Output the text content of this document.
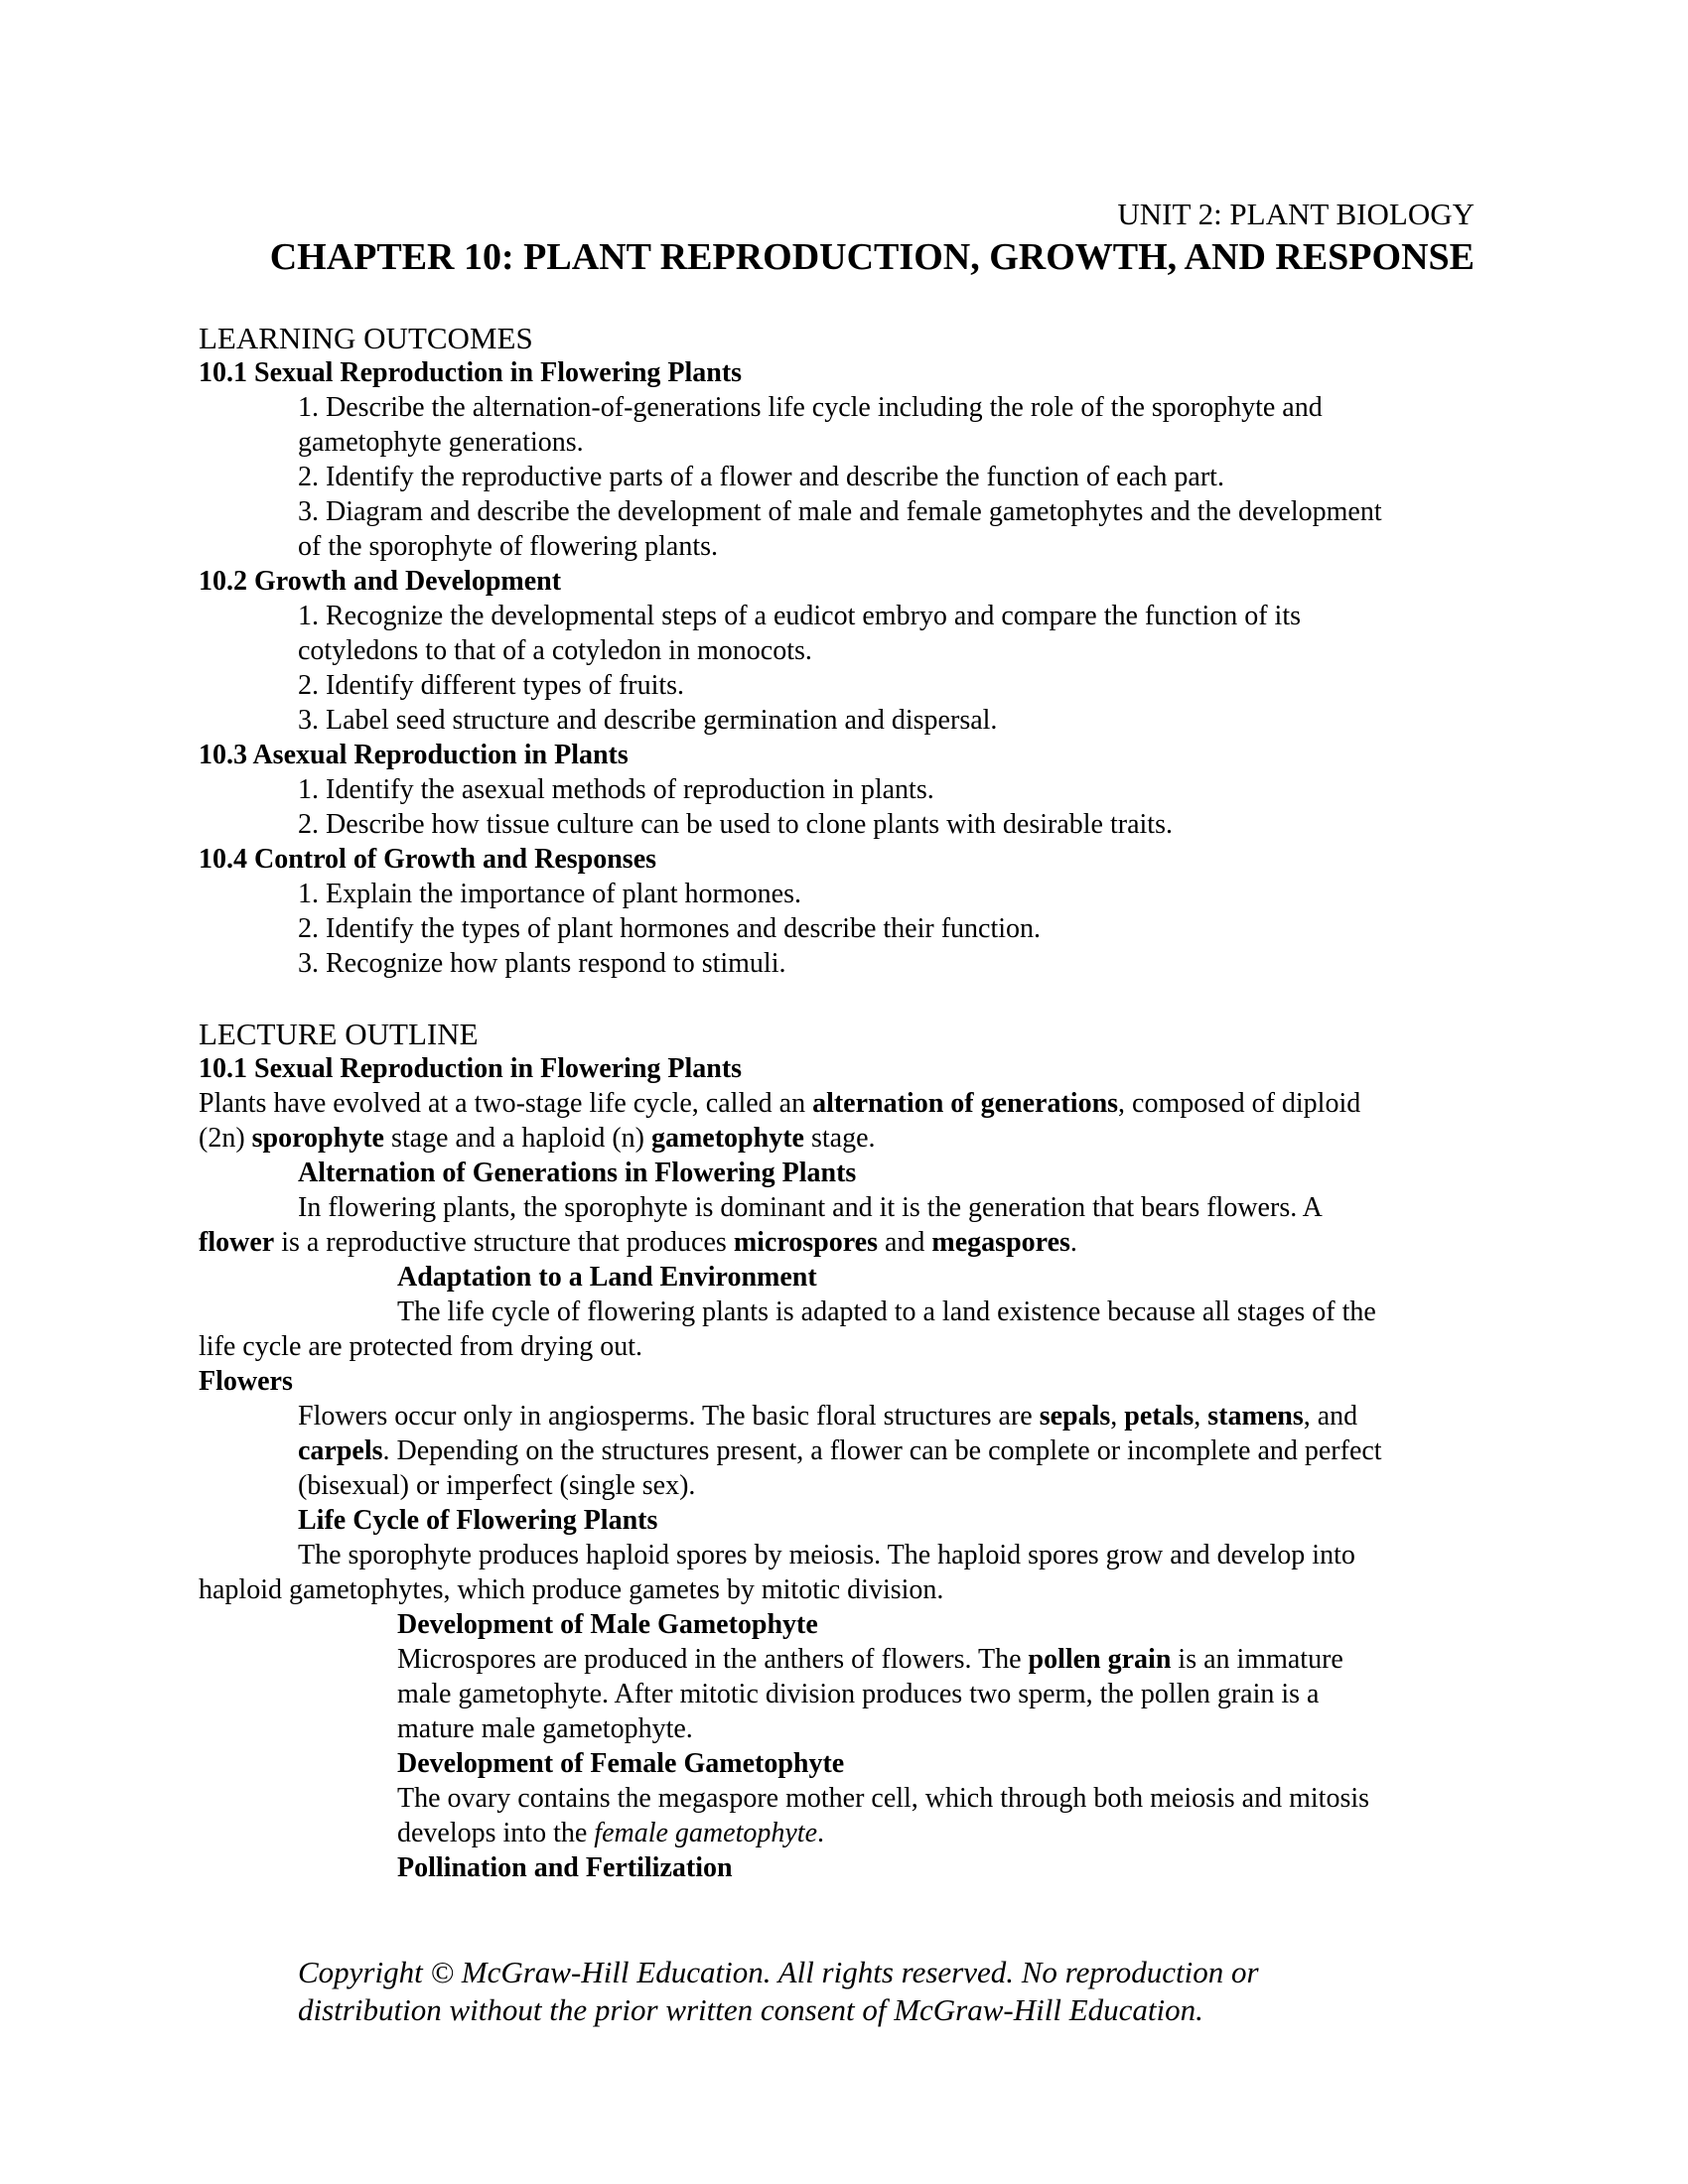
UNIT 2: PLANT BIOLOGY
CHAPTER 10: PLANT REPRODUCTION, GROWTH, AND RESPONSE
LEARNING OUTCOMES
10.1 Sexual Reproduction in Flowering Plants
1. Describe the alternation-of-generations life cycle including the role of the sporophyte and
gametophyte generations.
2. Identify the reproductive parts of a flower and describe the function of each part.
3. Diagram and describe the development of male and female gametophytes and the development
of the sporophyte of flowering plants.
10.2 Growth and Development
1. Recognize the developmental steps of a eudicot embryo and compare the function of its
cotyledons to that of a cotyledon in monocots.
2. Identify different types of fruits.
3. Label seed structure and describe germination and dispersal.
10.3 Asexual Reproduction in Plants
1. Identify the asexual methods of reproduction in plants.
2. Describe how tissue culture can be used to clone plants with desirable traits.
10.4 Control of Growth and Responses
1. Explain the importance of plant hormones.
2. Identify the types of plant hormones and describe their function.
3. Recognize how plants respond to stimuli.
LECTURE OUTLINE
10.1 Sexual Reproduction in Flowering Plants
Plants have evolved at a two-stage life cycle, called an alternation of generations, composed of diploid
(2n) sporophyte stage and a haploid (n) gametophyte stage.
Alternation of Generations in Flowering Plants
In flowering plants, the sporophyte is dominant and it is the generation that bears flowers. A
flower is a reproductive structure that produces microspores and megaspores.
Adaptation to a Land Environment
The life cycle of flowering plants is adapted to a land existence because all stages of the
life cycle are protected from drying out.
Flowers
Flowers occur only in angiosperms. The basic floral structures are sepals, petals, stamens, and
carpels. Depending on the structures present, a flower can be complete or incomplete and perfect
(bisexual) or imperfect (single sex).
Life Cycle of Flowering Plants
The sporophyte produces haploid spores by meiosis. The haploid spores grow and develop into
haploid gametophytes, which produce gametes by mitotic division.
Development of Male Gametophyte
Microspores are produced in the anthers of flowers. The pollen grain is an immature
male gametophyte. After mitotic division produces two sperm, the pollen grain is a
mature male gametophyte.
Development of Female Gametophyte
The ovary contains the megaspore mother cell, which through both meiosis and mitosis
develops into the female gametophyte.
Pollination and Fertilization
Copyright © McGraw-Hill Education. All rights reserved. No reproduction or
distribution without the prior written consent of McGraw-Hill Education.
